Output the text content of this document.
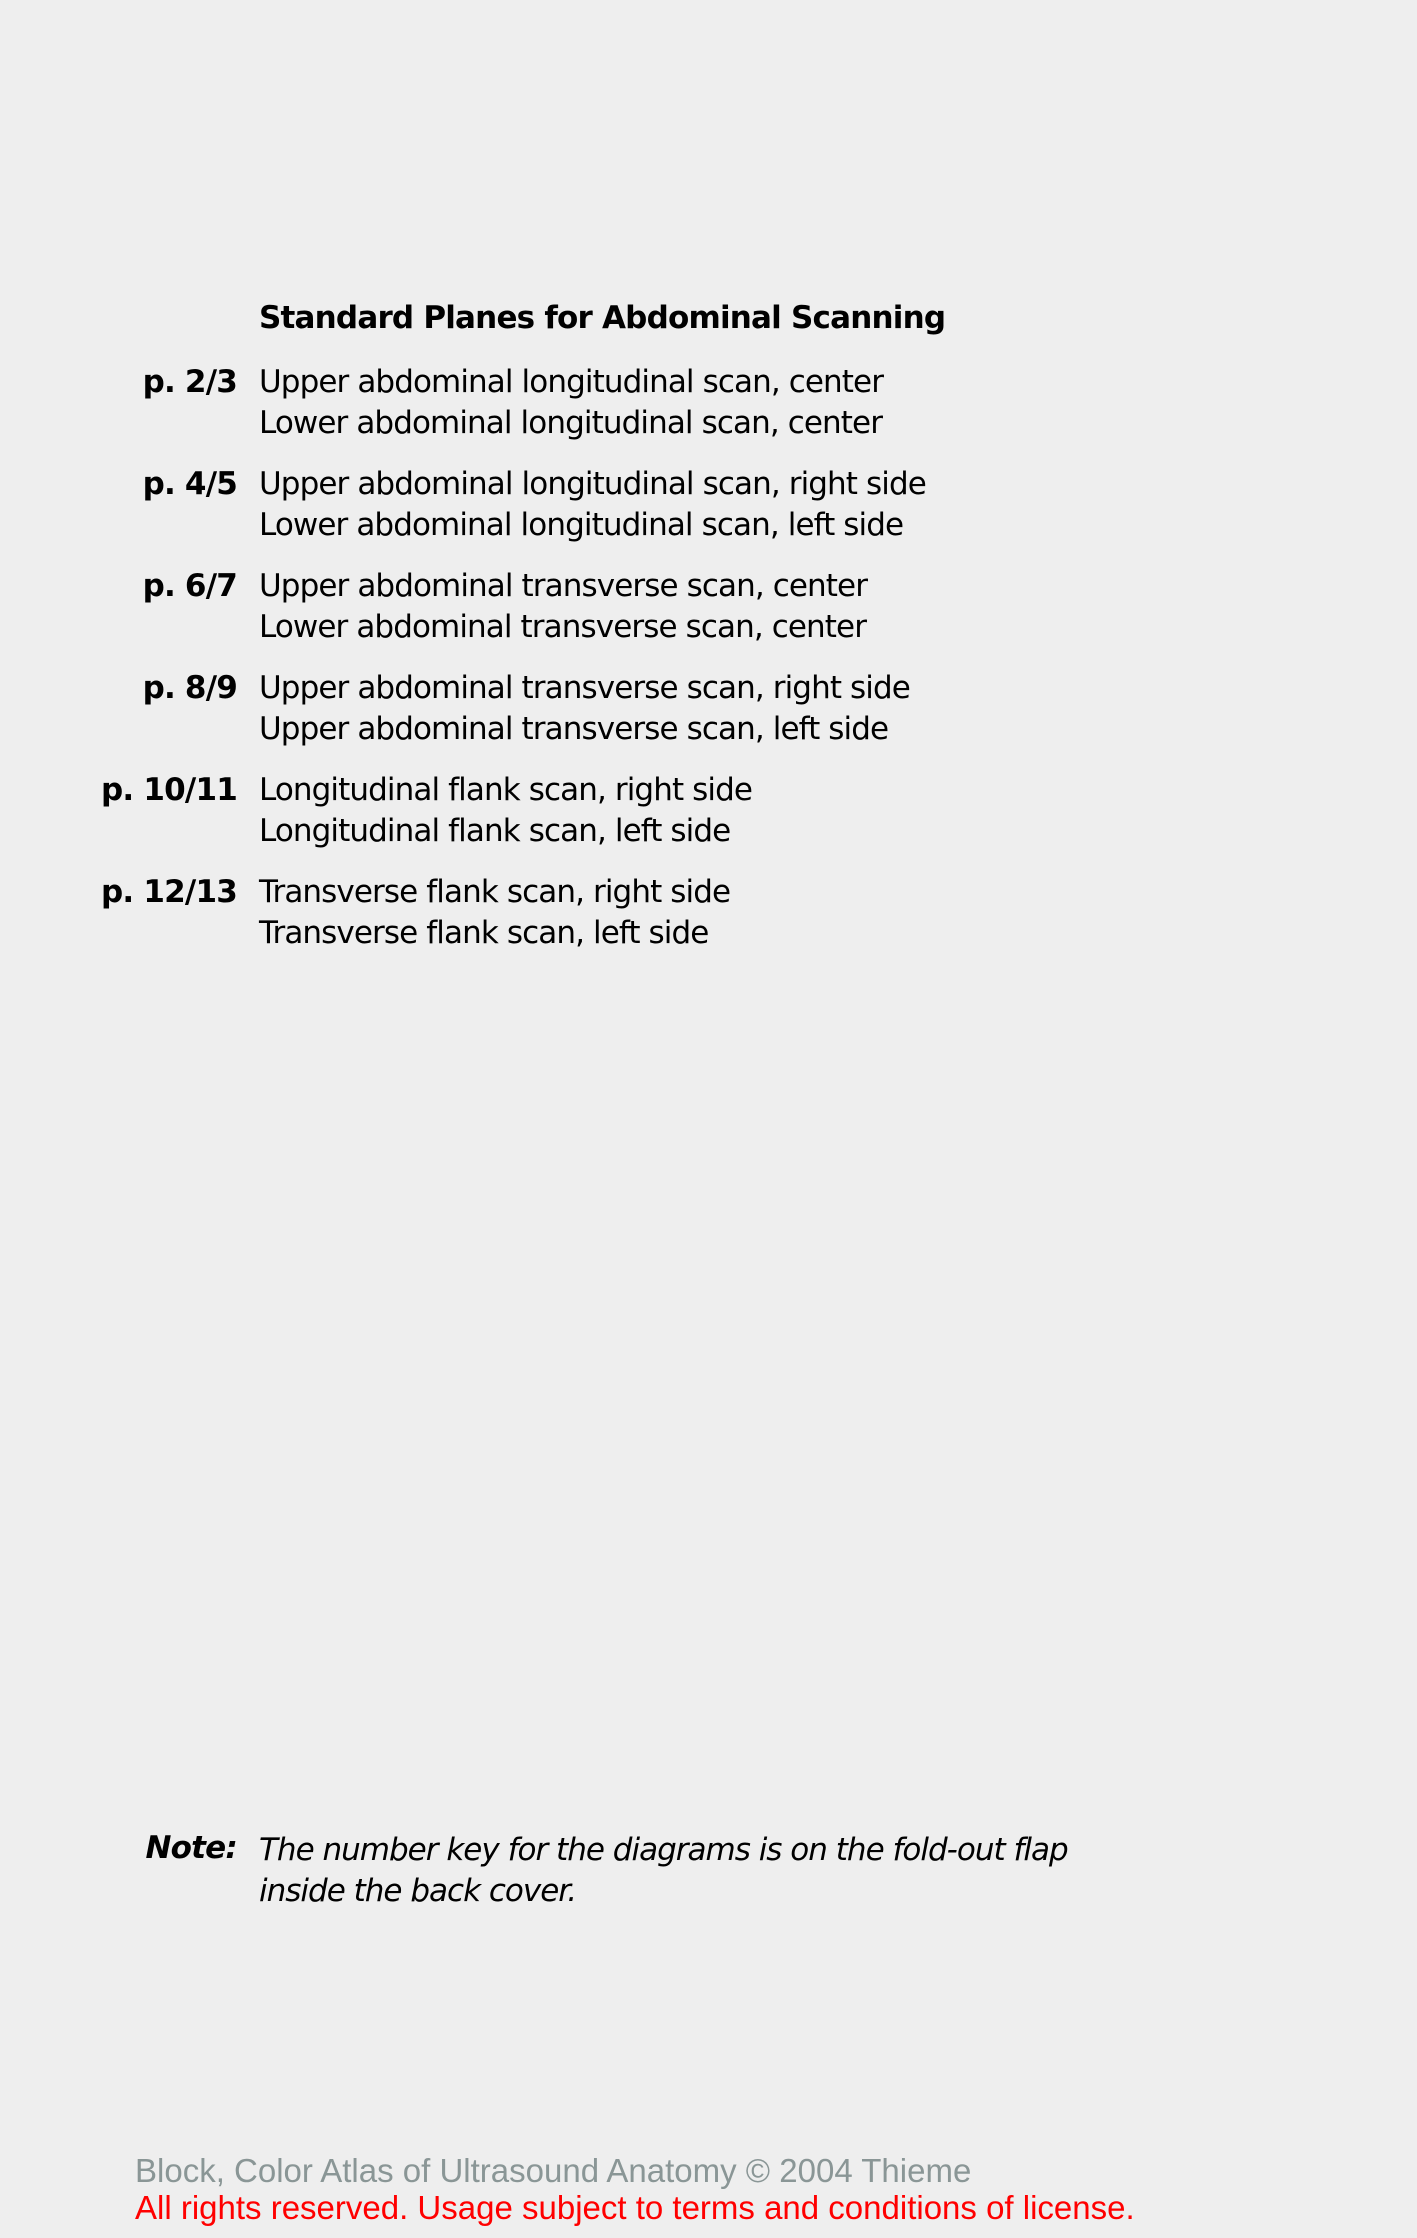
Standard Planes for Abdominal Scanning
p. 2/3 Upper abdominal longitudinal scan, center
Lower abdominal longitudinal scan, center
p. 4/5 Upper abdominal longitudinal scan, right side
Lower abdominal longitudinal scan, left side
p. 6/7 Upper abdominal transverse scan, center
Lower abdominal transverse scan, center
p. 8/9 Upper abdominal transverse scan, right side
Upper abdominal transverse scan, left side
p. 10/11 Longitudinal flank scan, right side
Longitudinal flank scan, left side
p. 12/13 Transverse flank scan, right side
Transverse flank scan, left side
Note: The number key for the diagrams is on the fold-out flap
inside the back cover.
Block, Color Atlas of Ultrasound Anatomy © 2004 Thieme
All rights reserved. Usage subject to terms and conditions of license.
